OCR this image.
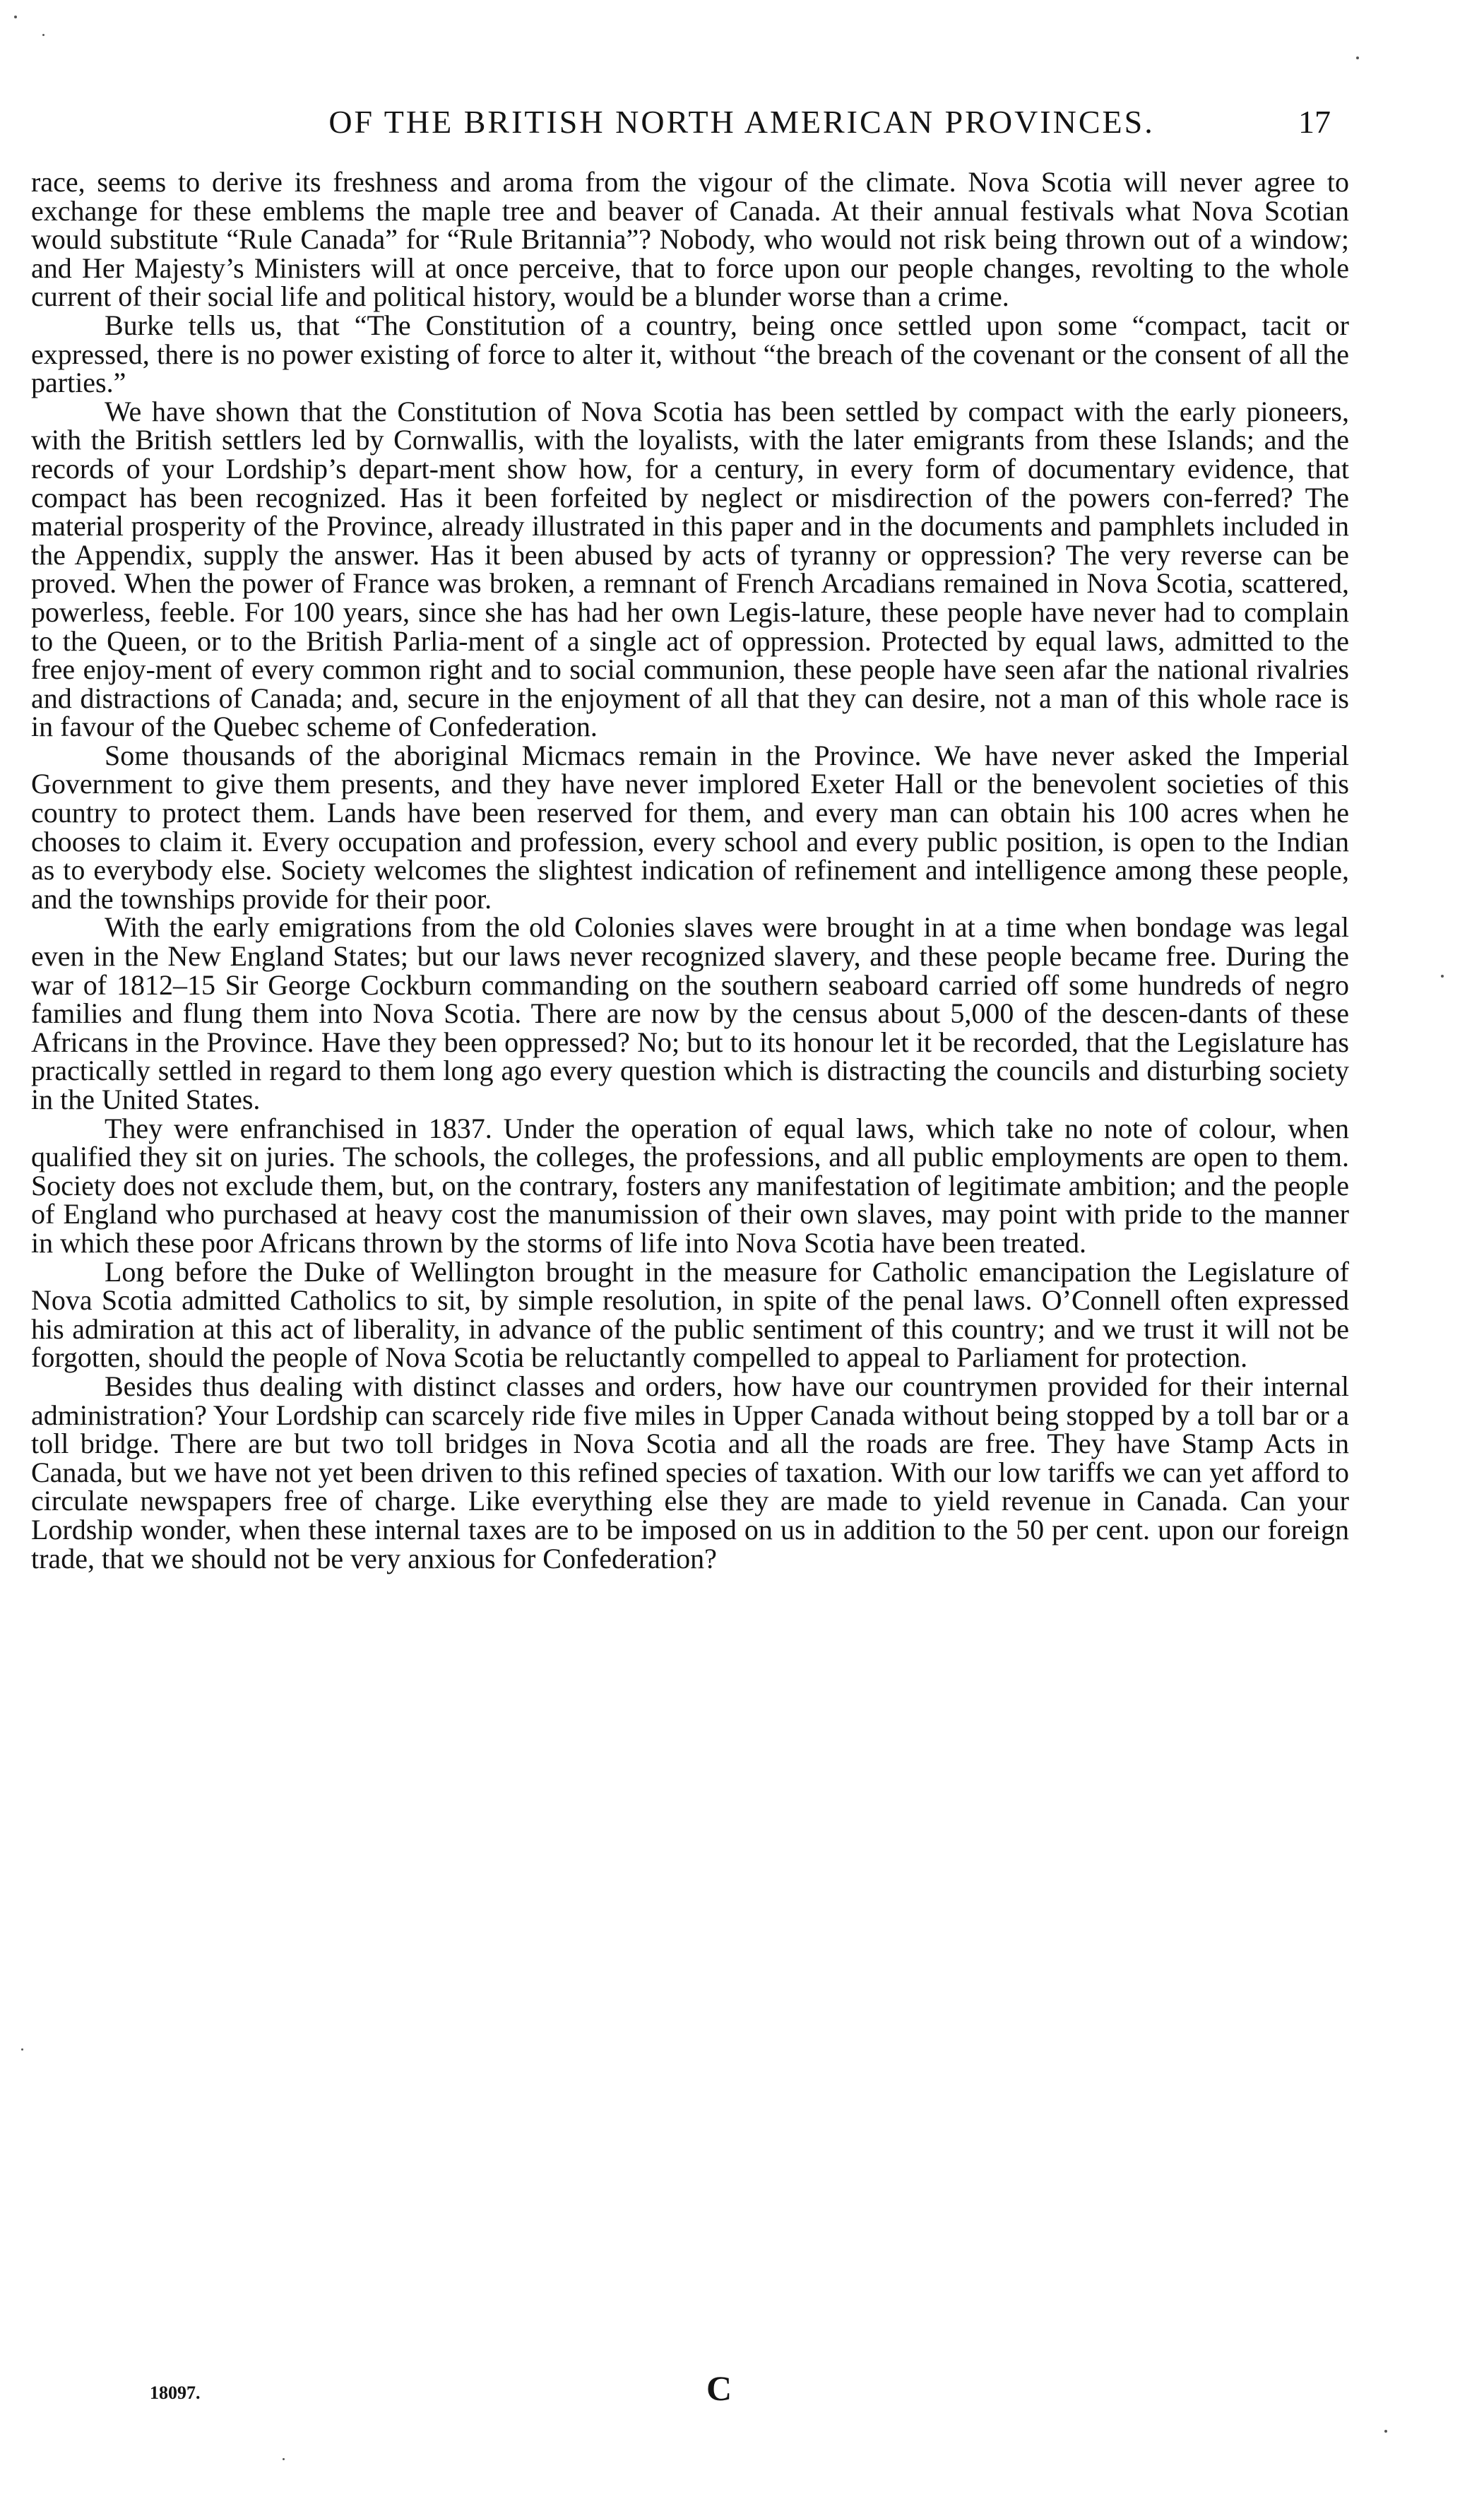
OF THE BRITISH NORTH AMERICAN PROVINCES.	17

race, seems to derive its freshness and aroma from the vigour of the climate. Nova Scotia will never agree to exchange for these emblems the maple tree and beaver of Canada. At their annual festivals what Nova Scotian would substitute “Rule Canada” for “Rule Britannia”? Nobody, who would not risk being thrown out of a window; and Her Majesty’s Ministers will at once perceive, that to force upon our people changes, revolting to the whole current of their social life and political history, would be a blunder worse than a crime.

Burke tells us, that “The Constitution of a country, being once settled upon some “compact, tacit or expressed, there is no power existing of force to alter it, without “the breach of the covenant or the consent of all the parties.”

We have shown that the Constitution of Nova Scotia has been settled by compact with the early pioneers, with the British settlers led by Cornwallis, with the loyalists, with the later emigrants from these Islands; and the records of your Lordship’s depart-ment show how, for a century, in every form of documentary evidence, that compact has been recognized. Has it been forfeited by neglect or misdirection of the powers con-ferred? The material prosperity of the Province, already illustrated in this paper and in the documents and pamphlets included in the Appendix, supply the answer. Has it been abused by acts of tyranny or oppression? The very reverse can be proved. When the power of France was broken, a remnant of French Arcadians remained in Nova Scotia, scattered, powerless, feeble. For 100 years, since she has had her own Legis-lature, these people have never had to complain to the Queen, or to the British Parlia-ment of a single act of oppression. Protected by equal laws, admitted to the free enjoy-ment of every common right and to social communion, these people have seen afar the national rivalries and distractions of Canada; and, secure in the enjoyment of all that they can desire, not a man of this whole race is in favour of the Quebec scheme of Confederation.

Some thousands of the aboriginal Micmacs remain in the Province. We have never asked the Imperial Government to give them presents, and they have never implored Exeter Hall or the benevolent societies of this country to protect them. Lands have been reserved for them, and every man can obtain his 100 acres when he chooses to claim it. Every occupation and profession, every school and every public position, is open to the Indian as to everybody else. Society welcomes the slightest indication of refinement and intelligence among these people, and the townships provide for their poor.

With the early emigrations from the old Colonies slaves were brought in at a time when bondage was legal even in the New England States; but our laws never recognized slavery, and these people became free. During the war of 1812–15 Sir George Cockburn commanding on the southern seaboard carried off some hundreds of negro families and flung them into Nova Scotia. There are now by the census about 5,000 of the descen-dants of these Africans in the Province. Have they been oppressed? No; but to its honour let it be recorded, that the Legislature has practically settled in regard to them long ago every question which is distracting the councils and disturbing society in the United States.

They were enfranchised in 1837. Under the operation of equal laws, which take no note of colour, when qualified they sit on juries. The schools, the colleges, the professions, and all public employments are open to them. Society does not exclude them, but, on the contrary, fosters any manifestation of legitimate ambition; and the people of England who purchased at heavy cost the manumission of their own slaves, may point with pride to the manner in which these poor Africans thrown by the storms of life into Nova Scotia have been treated.

Long before the Duke of Wellington brought in the measure for Catholic emancipation the Legislature of Nova Scotia admitted Catholics to sit, by simple resolution, in spite of the penal laws. O’Connell often expressed his admiration at this act of liberality, in advance of the public sentiment of this country; and we trust it will not be forgotten, should the people of Nova Scotia be reluctantly compelled to appeal to Parliament for protection.

Besides thus dealing with distinct classes and orders, how have our countrymen provided for their internal administration? Your Lordship can scarcely ride five miles in Upper Canada without being stopped by a toll bar or a toll bridge. There are but two toll bridges in Nova Scotia and all the roads are free. They have Stamp Acts in Canada, but we have not yet been driven to this refined species of taxation. With our low tariffs we can yet afford to circulate newspapers free of charge. Like everything else they are made to yield revenue in Canada. Can your Lordship wonder, when these internal taxes are to be imposed on us in addition to the 50 per cent. upon our foreign trade, that we should not be very anxious for Confederation?

18097.	C
